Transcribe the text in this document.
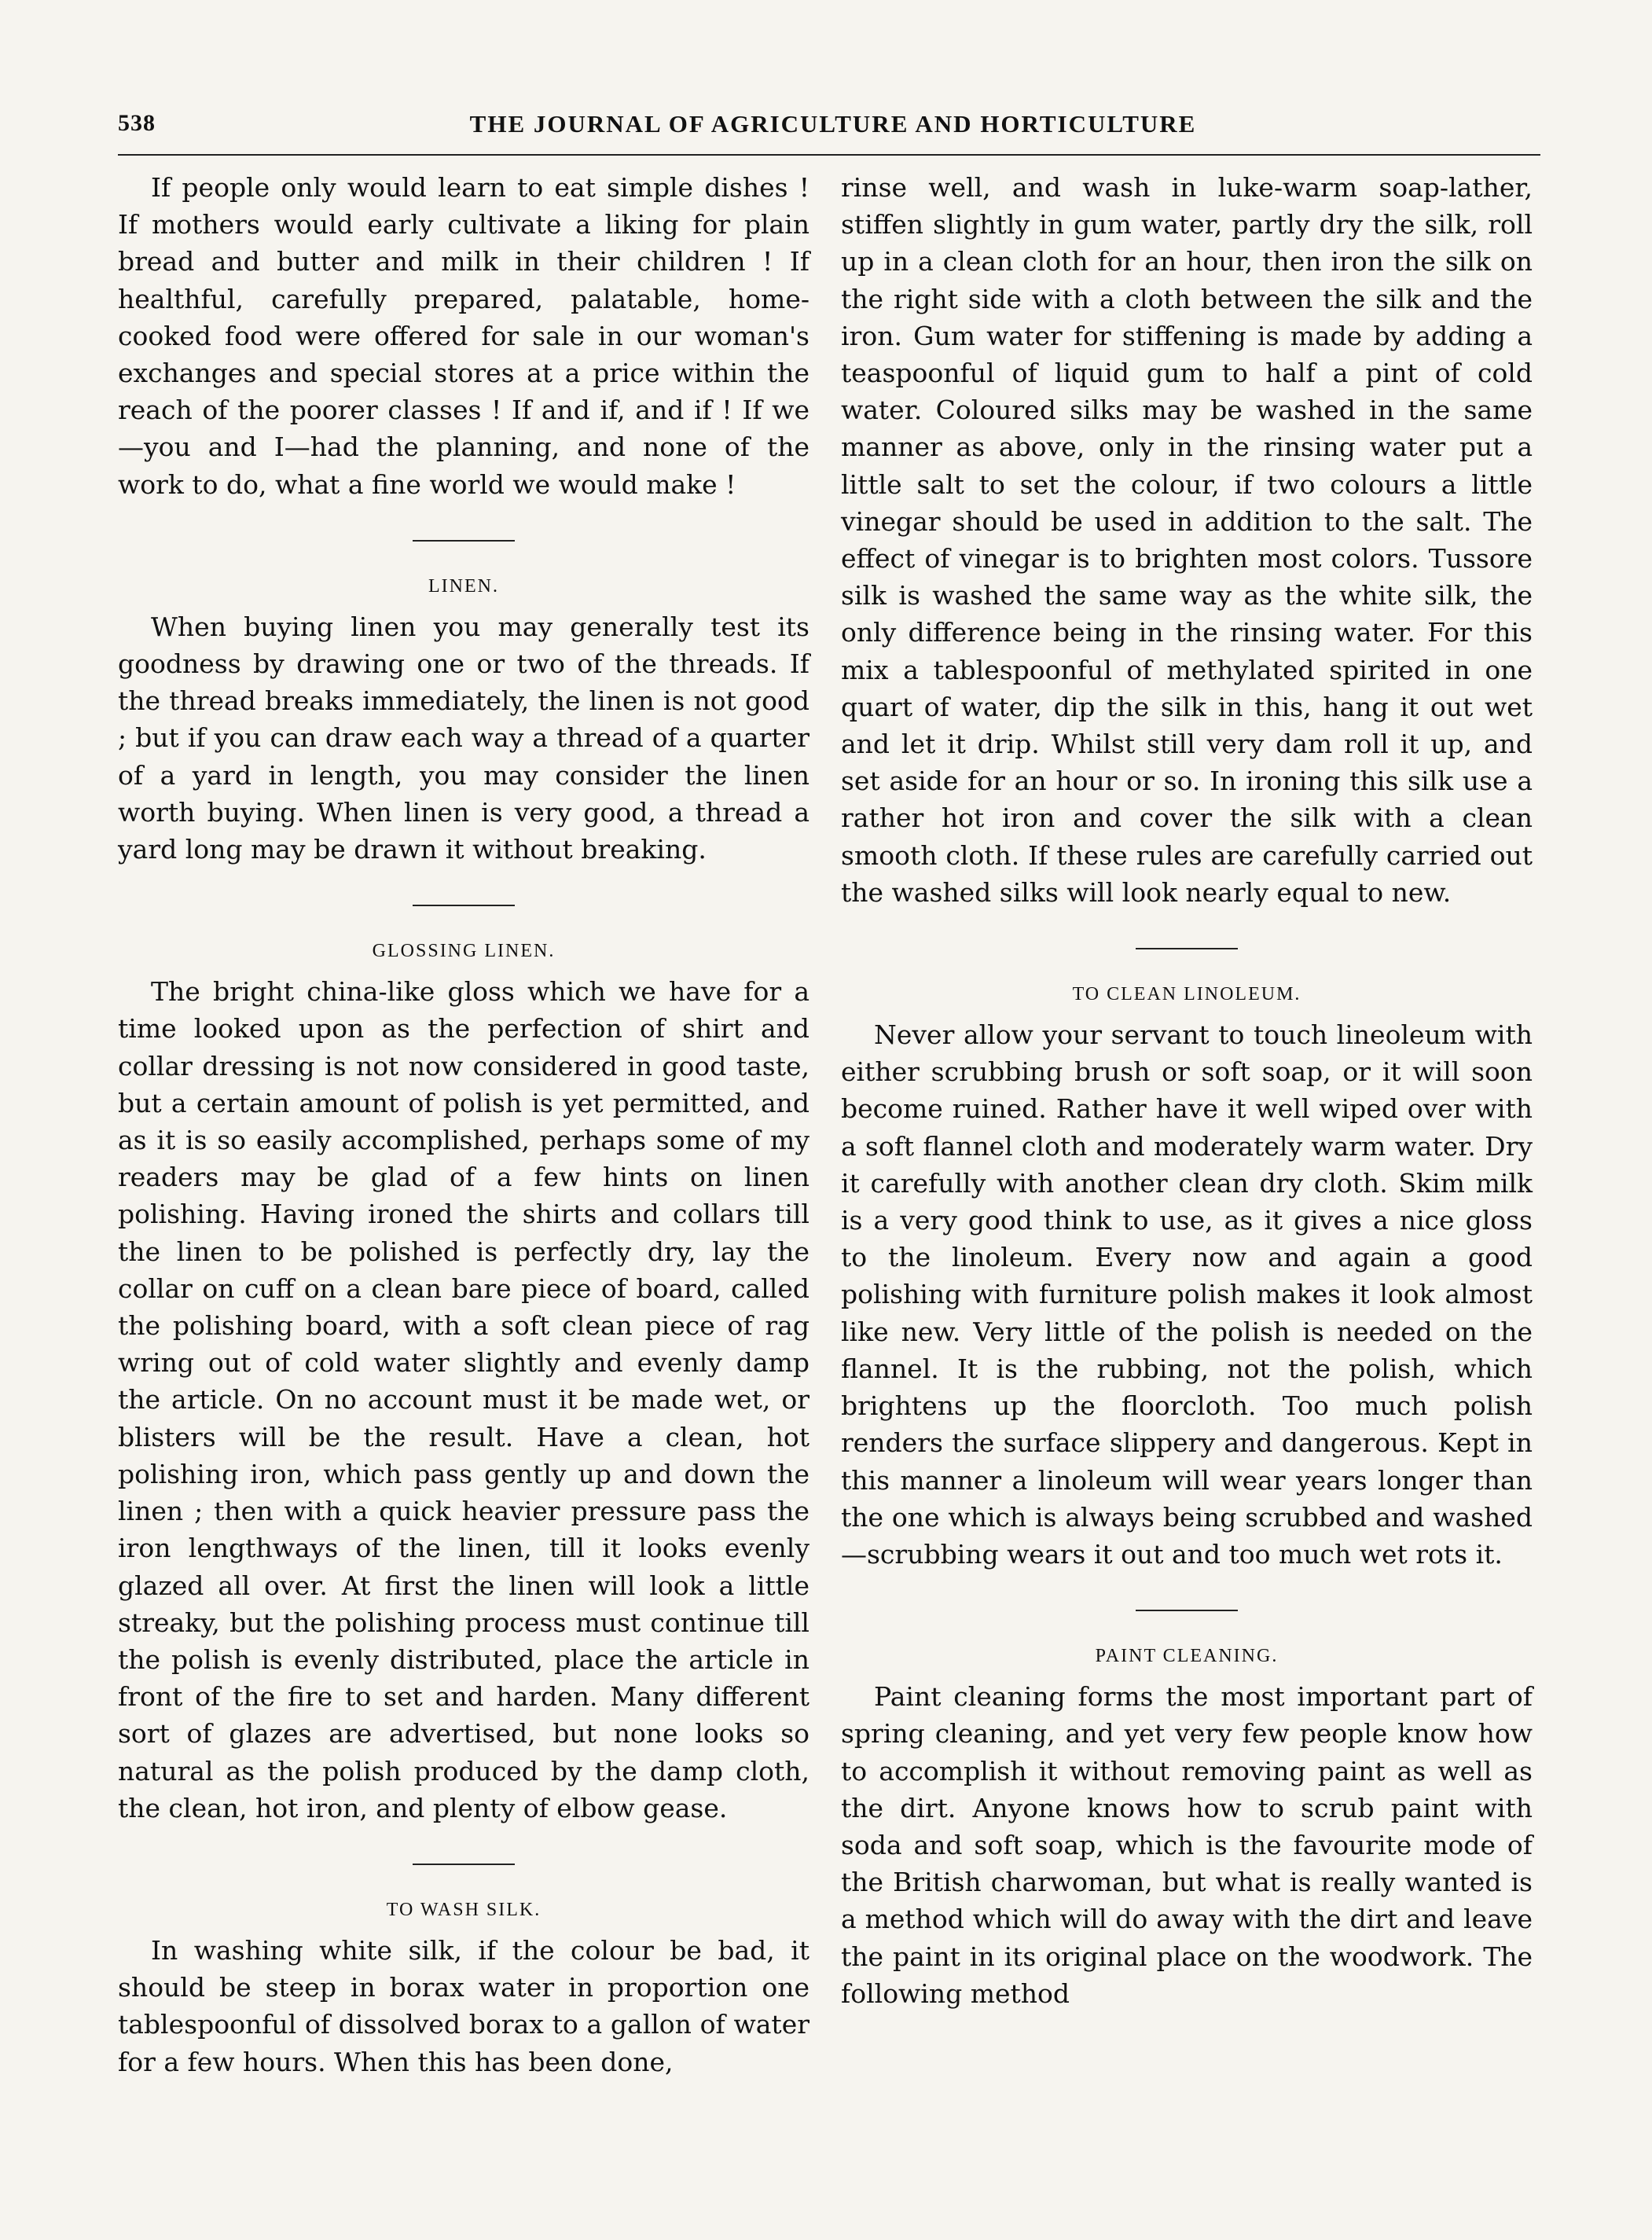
538	THE JOURNAL OF AGRICULTURE AND HORTICULTURE

If people only would learn to eat simple dishes ! If mothers would early cultivate a liking for plain bread and butter and milk in their children ! If healthful, carefully prepared, palatable, home-cooked food were offered for sale in our woman's exchanges and special stores at a price within the reach of the poorer classes ! If and if, and if ! If we—you and I—had the planning, and none of the work to do, what a fine world we would make !

LINEN.

When buying linen you may generally test its goodness by drawing one or two of the threads. If the thread breaks immediately, the linen is not good ; but if you can draw each way a thread of a quarter of a yard in length, you may consider the linen worth buying. When linen is very good, a thread a yard long may be drawn it without breaking.

GLOSSING LINEN.

The bright china-like gloss which we have for a time looked upon as the perfection of shirt and collar dressing is not now considered in good taste, but a certain amount of polish is yet permitted, and as it is so easily accomplished, perhaps some of my readers may be glad of a few hints on linen polishing. Having ironed the shirts and collars till the linen to be polished is perfectly dry, lay the collar on cuff on a clean bare piece of board, called the polishing board, with a soft clean piece of rag wring out of cold water slightly and evenly damp the article. On no account must it be made wet, or blisters will be the result. Have a clean, hot polishing iron, which pass gently up and down the linen ; then with a quick heavier pressure pass the iron lengthways of the linen, till it looks evenly glazed all over. At first the linen will look a little streaky, but the polishing process must continue till the polish is evenly distributed, place the article in front of the fire to set and harden. Many different sort of glazes are advertised, but none looks so natural as the polish produced by the damp cloth, the clean, hot iron, and plenty of elbow gease.

TO WASH SILK.

In washing white silk, if the colour be bad, it should be steep in borax water in proportion one tablespoonful of dissolved borax to a gallon of water for a few hours. When this has been done,

rinse well, and wash in luke-warm soap-lather, stiffen slightly in gum water, partly dry the silk, roll up in a clean cloth for an hour, then iron the silk on the right side with a cloth between the silk and the iron. Gum water for stiffening is made by adding a teaspoonful of liquid gum to half a pint of cold water. Coloured silks may be washed in the same manner as above, only in the rinsing water put a little salt to set the colour, if two colours a little vinegar should be used in addition to the salt. The effect of vinegar is to brighten most colors. Tussore silk is washed the same way as the white silk, the only difference being in the rinsing water. For this mix a tablespoonful of methylated spirited in one quart of water, dip the silk in this, hang it out wet and let it drip. Whilst still very dam roll it up, and set aside for an hour or so. In ironing this silk use a rather hot iron and cover the silk with a clean smooth cloth. If these rules are carefully carried out the washed silks will look nearly equal to new.

TO CLEAN LINOLEUM.

Never allow your servant to touch lineoleum with either scrubbing brush or soft soap, or it will soon become ruined. Rather have it well wiped over with a soft flannel cloth and moderately warm water. Dry it carefully with another clean dry cloth. Skim milk is a very good think to use, as it gives a nice gloss to the linoleum. Every now and again a good polishing with furniture polish makes it look almost like new. Very little of the polish is needed on the flannel. It is the rubbing, not the polish, which brightens up the floorcloth. Too much polish renders the surface slippery and dangerous. Kept in this manner a linoleum will wear years longer than the one which is always being scrubbed and washed—scrubbing wears it out and too much wet rots it.

PAINT CLEANING.

Paint cleaning forms the most important part of spring cleaning, and yet very few people know how to accomplish it without removing paint as well as the dirt. Anyone knows how to scrub paint with soda and soft soap, which is the favourite mode of the British charwoman, but what is really wanted is a method which will do away with the dirt and leave the paint in its original place on the woodwork. The following method
